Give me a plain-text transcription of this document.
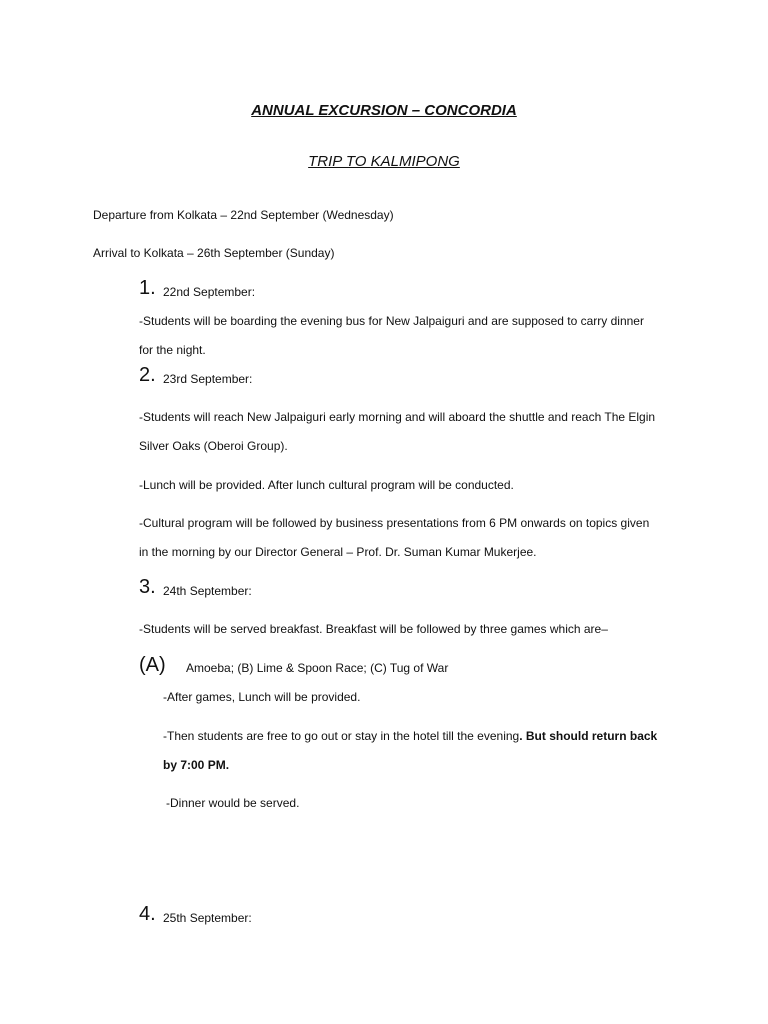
ANNUAL EXCURSION – CONCORDIA
TRIP TO KALMIPONG
Departure from Kolkata – 22nd September (Wednesday)
Arrival to Kolkata – 26th September (Sunday)
1. 22nd September:
-Students will be boarding the evening bus for New Jalpaiguri and are supposed to carry dinner
for the night.
2. 23rd September:
-Students will reach New Jalpaiguri early morning and will aboard the shuttle and reach The Elgin
Silver Oaks (Oberoi Group).
-Lunch will be provided. After lunch cultural program will be conducted.
-Cultural program will be followed by business presentations from 6 PM onwards on topics given
in the morning by our Director General – Prof. Dr. Suman Kumar Mukerjee.
3. 24th September:
-Students will be served breakfast. Breakfast will be followed by three games which are–
(A) Amoeba; (B) Lime & Spoon Race; (C) Tug of War
-After games, Lunch will be provided.
-Then students are free to go out or stay in the hotel till the evening. But should return back
by 7:00 PM.
-Dinner would be served.
4. 25th September:
